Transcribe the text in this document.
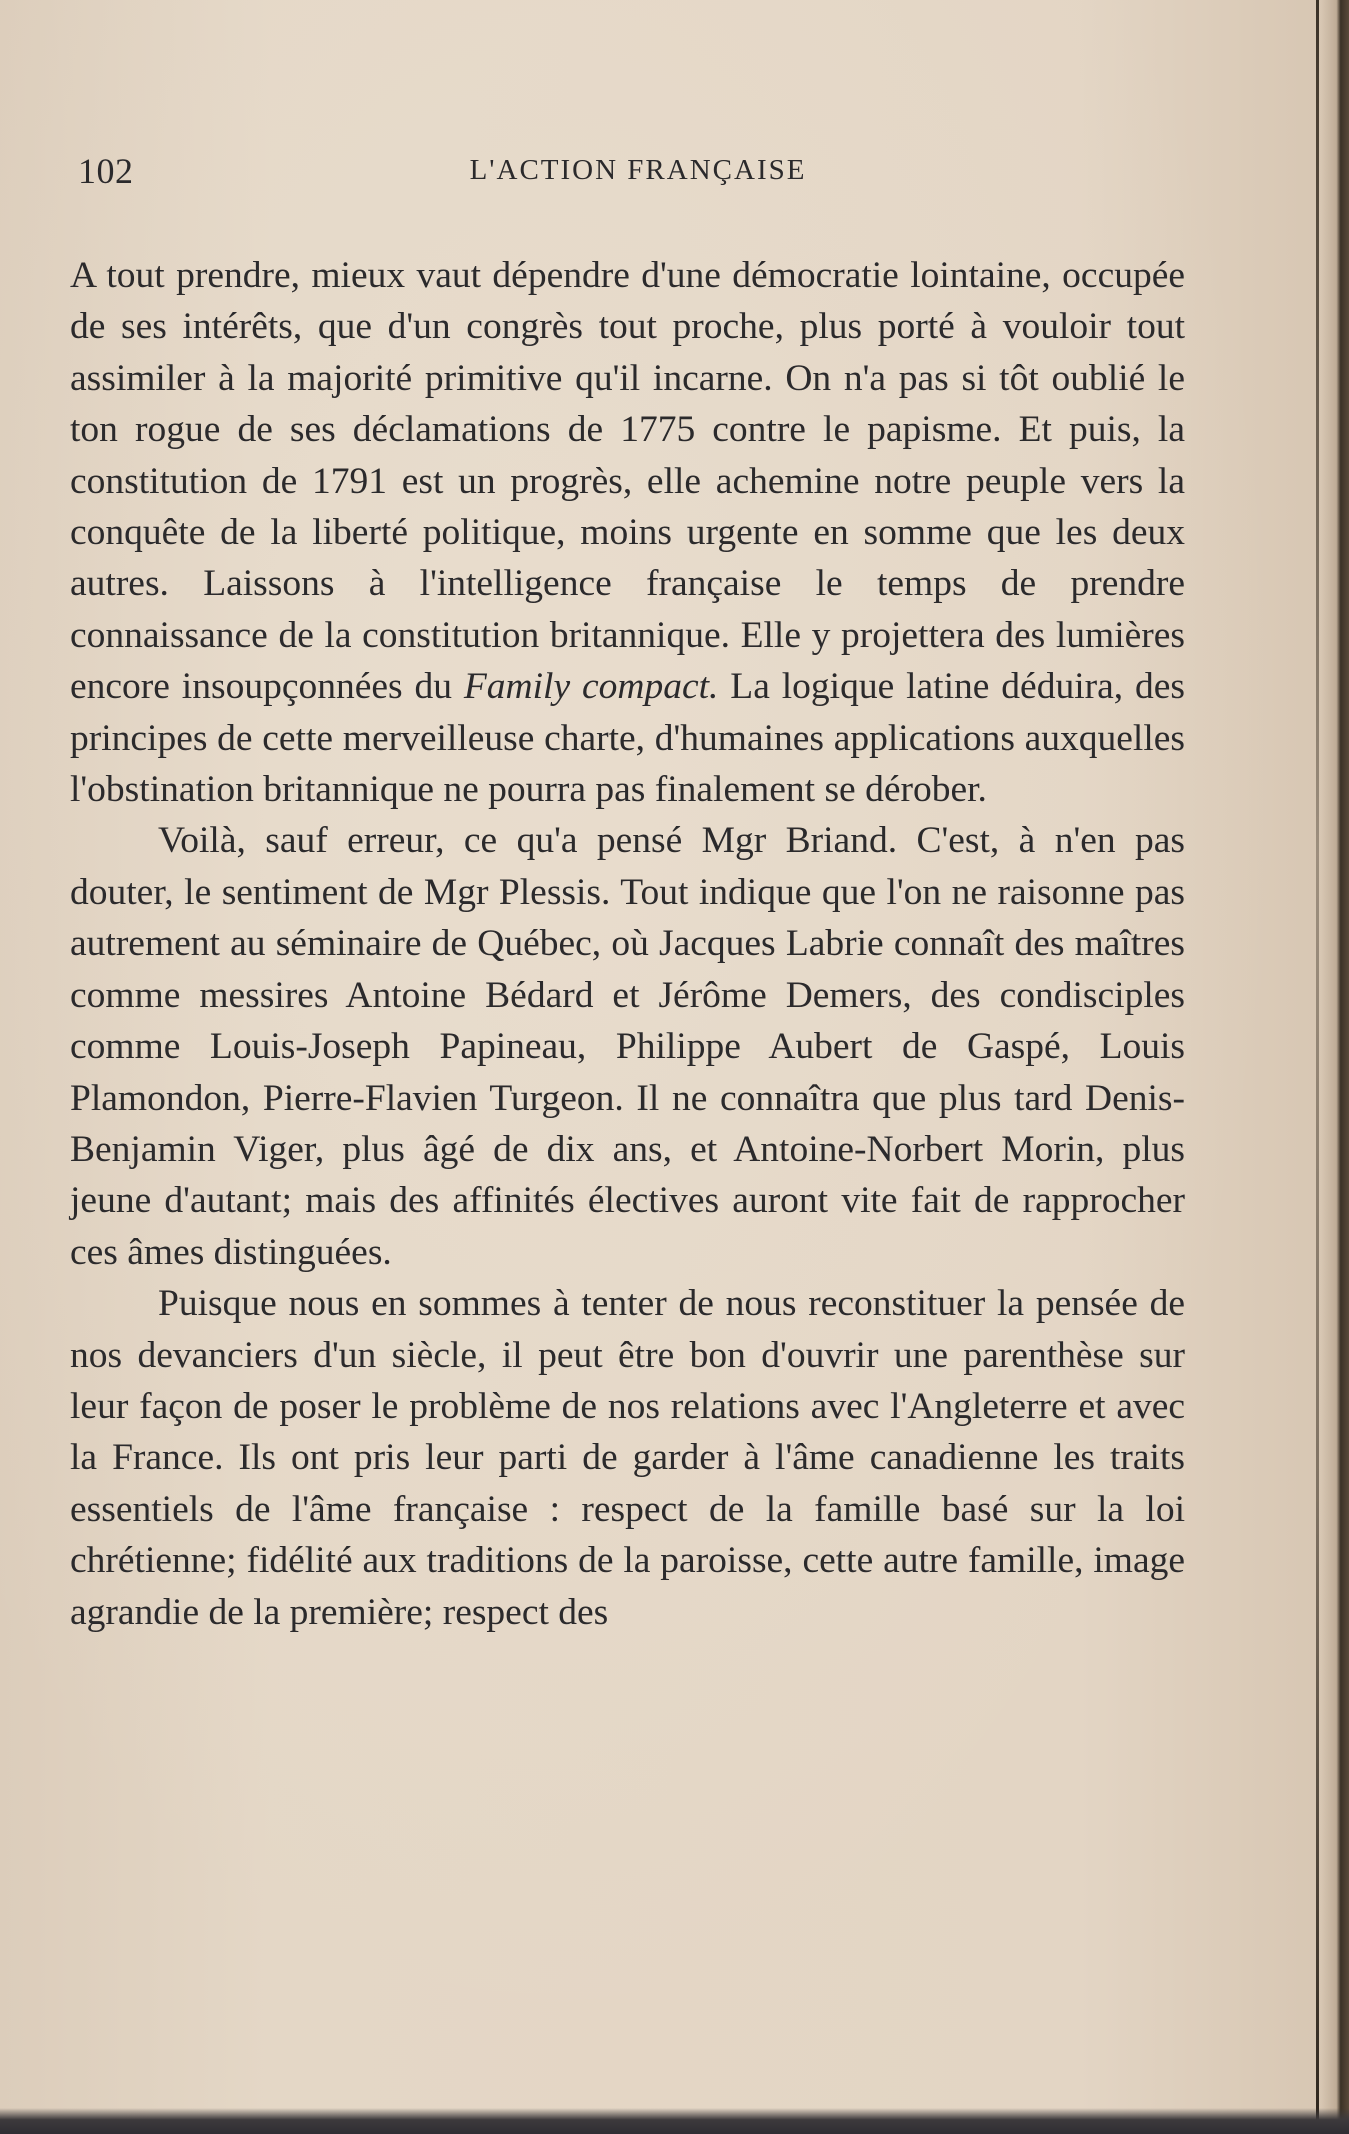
102	L'ACTION FRANÇAISE

A tout prendre, mieux vaut dépendre d'une démocratie lointaine, occupée de ses intérêts, que d'un congrès tout proche, plus porté à vouloir tout assimiler à la majorité primitive qu'il incarne. On n'a pas si tôt oublié le ton rogue de ses déclamations de 1775 contre le papisme. Et puis, la constitution de 1791 est un progrès, elle achemine notre peuple vers la conquête de la liberté politique, moins urgente en somme que les deux autres. Laissons à l'intelligence française le temps de prendre connaissance de la constitution britannique. Elle y projettera des lumières encore insoupçonnées du Family compact. La logique latine déduira, des principes de cette merveilleuse charte, d'humaines applications auxquelles l'obstination britannique ne pourra pas finalement se dérober.

Voilà, sauf erreur, ce qu'a pensé Mgr Briand. C'est, à n'en pas douter, le sentiment de Mgr Plessis. Tout indique que l'on ne raisonne pas autrement au séminaire de Québec, où Jacques Labrie connaît des maîtres comme messires Antoine Bédard et Jérôme Demers, des condisciples comme Louis-Joseph Papineau, Philippe Aubert de Gaspé, Louis Plamondon, Pierre-Flavien Turgeon. Il ne connaîtra que plus tard Denis-Benjamin Viger, plus âgé de dix ans, et Antoine-Norbert Morin, plus jeune d'autant; mais des affinités électives auront vite fait de rapprocher ces âmes distinguées.

Puisque nous en sommes à tenter de nous reconstituer la pensée de nos devanciers d'un siècle, il peut être bon d'ouvrir une parenthèse sur leur façon de poser le problème de nos relations avec l'Angleterre et avec la France. Ils ont pris leur parti de garder à l'âme canadienne les traits essentiels de l'âme française : respect de la famille basé sur la loi chrétienne; fidélité aux traditions de la paroisse, cette autre famille, image agrandie de la première; respect des
